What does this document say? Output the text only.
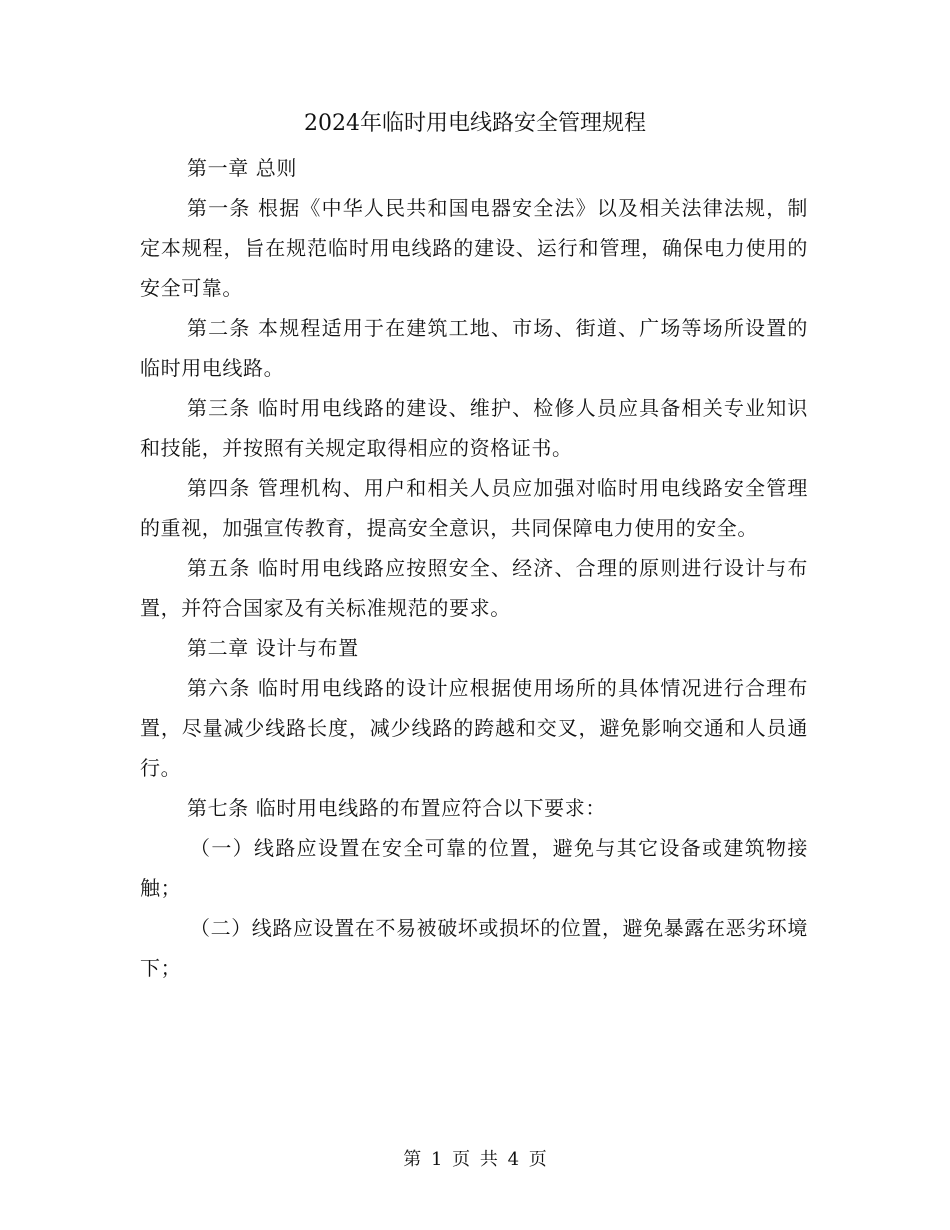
2024年临时用电线路安全管理规程

第一章 总则

第一条 根据《中华人民共和国电器安全法》以及相关法律法规，制定本规程，旨在规范临时用电线路的建设、运行和管理，确保电力使用的安全可靠。

第二条 本规程适用于在建筑工地、市场、街道、广场等场所设置的临时用电线路。

第三条 临时用电线路的建设、维护、检修人员应具备相关专业知识和技能，并按照有关规定取得相应的资格证书。

第四条 管理机构、用户和相关人员应加强对临时用电线路安全管理的重视，加强宣传教育，提高安全意识，共同保障电力使用的安全。

第五条 临时用电线路应按照安全、经济、合理的原则进行设计与布置，并符合国家及有关标准规范的要求。

第二章 设计与布置

第六条 临时用电线路的设计应根据使用场所的具体情况进行合理布置，尽量减少线路长度，减少线路的跨越和交叉，避免影响交通和人员通行。

第七条 临时用电线路的布置应符合以下要求：

（一）线路应设置在安全可靠的位置，避免与其它设备或建筑物接触；

（二）线路应设置在不易被破坏或损坏的位置，避免暴露在恶劣环境下；

第 1 页 共 4 页
